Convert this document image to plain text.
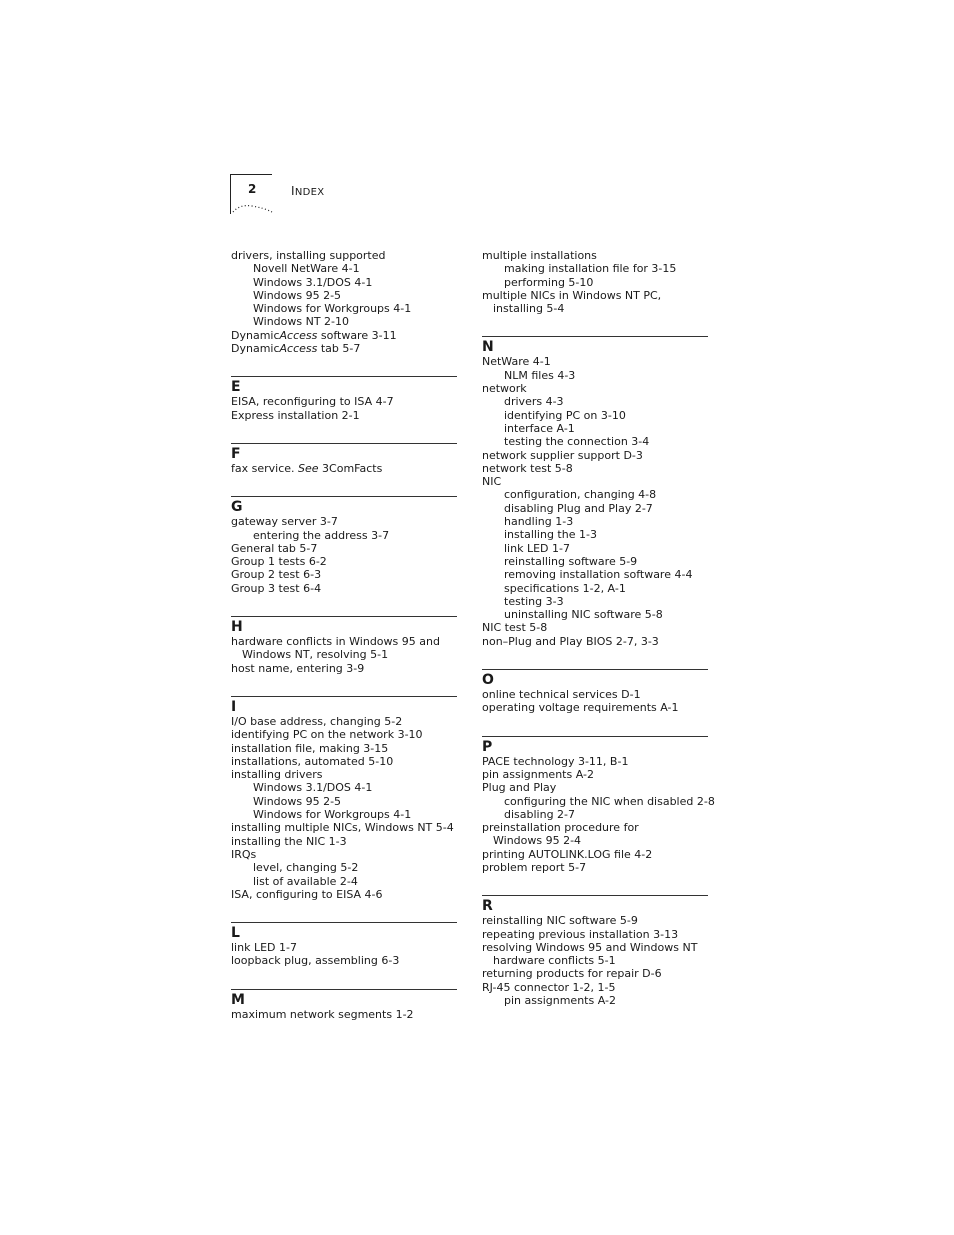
2	INDEX
drivers, installing supported
Novell NetWare 4-1
Windows 3.1/DOS 4-1
Windows 95 2-5
Windows for Workgroups 4-1
Windows NT 2-10
DynamicAccess software 3-11
DynamicAccess tab 5-7
E
EISA, reconfiguring to ISA 4-7
Express installation 2-1
F
fax service. See 3ComFacts
G
gateway server 3-7
entering the address 3-7
General tab 5-7
Group 1 tests 6-2
Group 2 test 6-3
Group 3 test 6-4
H
hardware conflicts in Windows 95 and
Windows NT, resolving 5-1
host name, entering 3-9
I
I/O base address, changing 5-2
identifying PC on the network 3-10
installation file, making 3-15
installations, automated 5-10
installing drivers
Windows 3.1/DOS 4-1
Windows 95 2-5
Windows for Workgroups 4-1
installing multiple NICs, Windows NT 5-4
installing the NIC 1-3
IRQs
level, changing 5-2
list of available 2-4
ISA, configuring to EISA 4-6
L
link LED 1-7
loopback plug, assembling 6-3
M
maximum network segments 1-2
multiple installations
making installation file for 3-15
performing 5-10
multiple NICs in Windows NT PC,
installing 5-4
N
NetWare 4-1
NLM files 4-3
network
drivers 4-3
identifying PC on 3-10
interface A-1
testing the connection 3-4
network supplier support D-3
network test 5-8
NIC
configuration, changing 4-8
disabling Plug and Play 2-7
handling 1-3
installing the 1-3
link LED 1-7
reinstalling software 5-9
removing installation software 4-4
specifications 1-2, A-1
testing 3-3
uninstalling NIC software 5-8
NIC test 5-8
non–Plug and Play BIOS 2-7, 3-3
O
online technical services D-1
operating voltage requirements A-1
P
PACE technology 3-11, B-1
pin assignments A-2
Plug and Play
configuring the NIC when disabled 2-8
disabling 2-7
preinstallation procedure for
Windows 95 2-4
printing AUTOLINK.LOG file 4-2
problem report 5-7
R
reinstalling NIC software 5-9
repeating previous installation 3-13
resolving Windows 95 and Windows NT
hardware conflicts 5-1
returning products for repair D-6
RJ-45 connector 1-2, 1-5
pin assignments A-2
